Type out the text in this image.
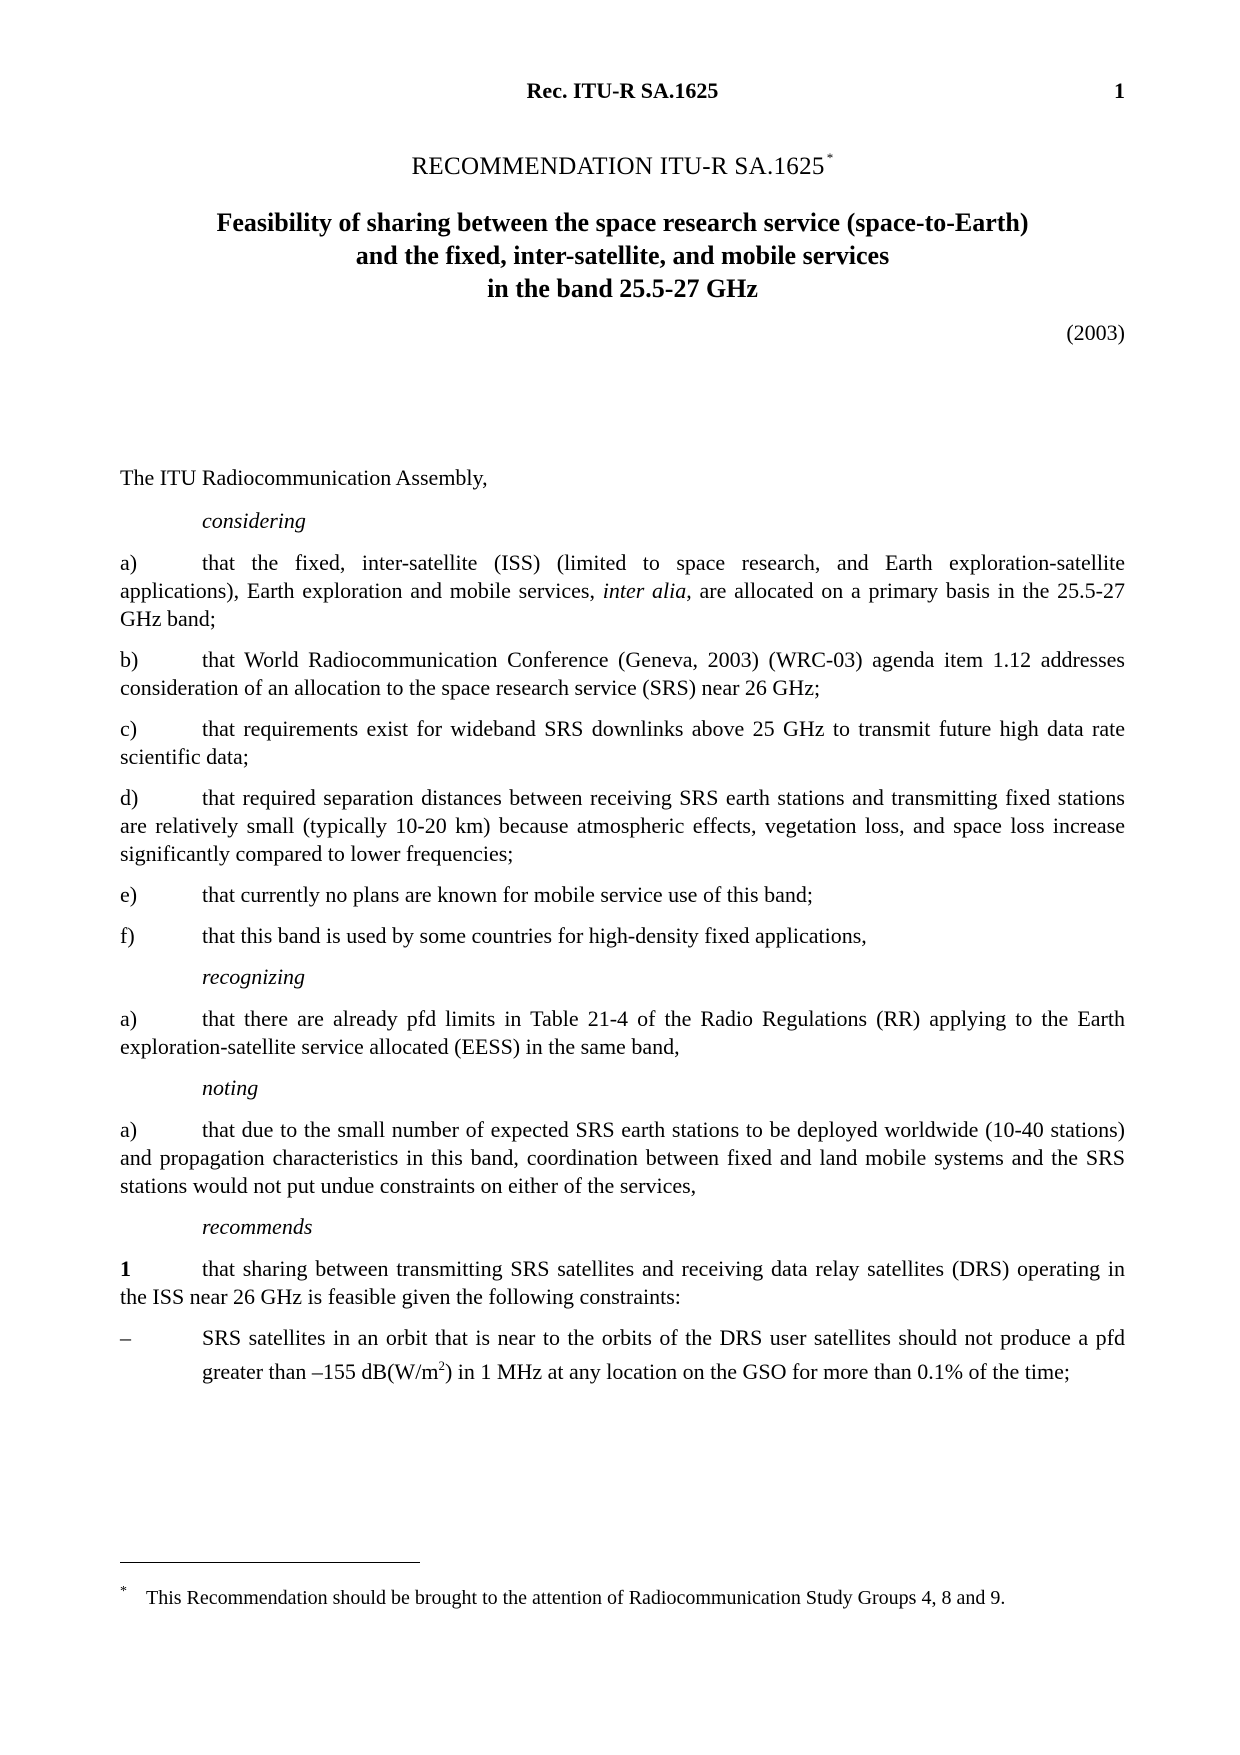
Rec. ITU-R SA.1625	1
RECOMMENDATION ITU-R SA.1625 *
Feasibility of sharing between the space research service (space-to-Earth)
and the fixed, inter-satellite, and mobile services
in the band 25.5-27 GHz
(2003)
The ITU Radiocommunication Assembly,
considering

a)	that the fixed, inter-satellite (ISS) (limited to space research, and Earth exploration-satellite applications), Earth exploration and mobile services, inter alia, are allocated on a primary basis in the 25.5-27 GHz band;

b)	that World Radiocommunication Conference (Geneva, 2003) (WRC-03) agenda item 1.12 addresses consideration of an allocation to the space research service (SRS) near 26 GHz;

c)	that requirements exist for wideband SRS downlinks above 25 GHz to transmit future high data rate scientific data;

d)	that required separation distances between receiving SRS earth stations and transmitting fixed stations are relatively small (typically 10-20 km) because atmospheric effects, vegetation loss, and space loss increase significantly compared to lower frequencies;

e)	that currently no plans are known for mobile service use of this band;

f)	that this band is used by some countries for high-density fixed applications,

recognizing

a)	that there are already pfd limits in Table 21-4 of the Radio Regulations (RR) applying to the Earth exploration-satellite service allocated (EESS) in the same band,

noting

a)	that due to the small number of expected SRS earth stations to be deployed worldwide (10-40 stations) and propagation characteristics in this band, coordination between fixed and land mobile systems and the SRS stations would not put undue constraints on either of the services,

recommends

1	that sharing between transmitting SRS satellites and receiving data relay satellites (DRS) operating in the ISS near 26 GHz is feasible given the following constraints:

–	SRS satellites in an orbit that is near to the orbits of the DRS user satellites should not produce a pfd greater than –155 $dB(W/m^2)$ in 1 MHz at any location on the GSO for more than 0.1% of the time;
* This Recommendation should be brought to the attention of Radiocommunication Study Groups 4, 8 and 9.
